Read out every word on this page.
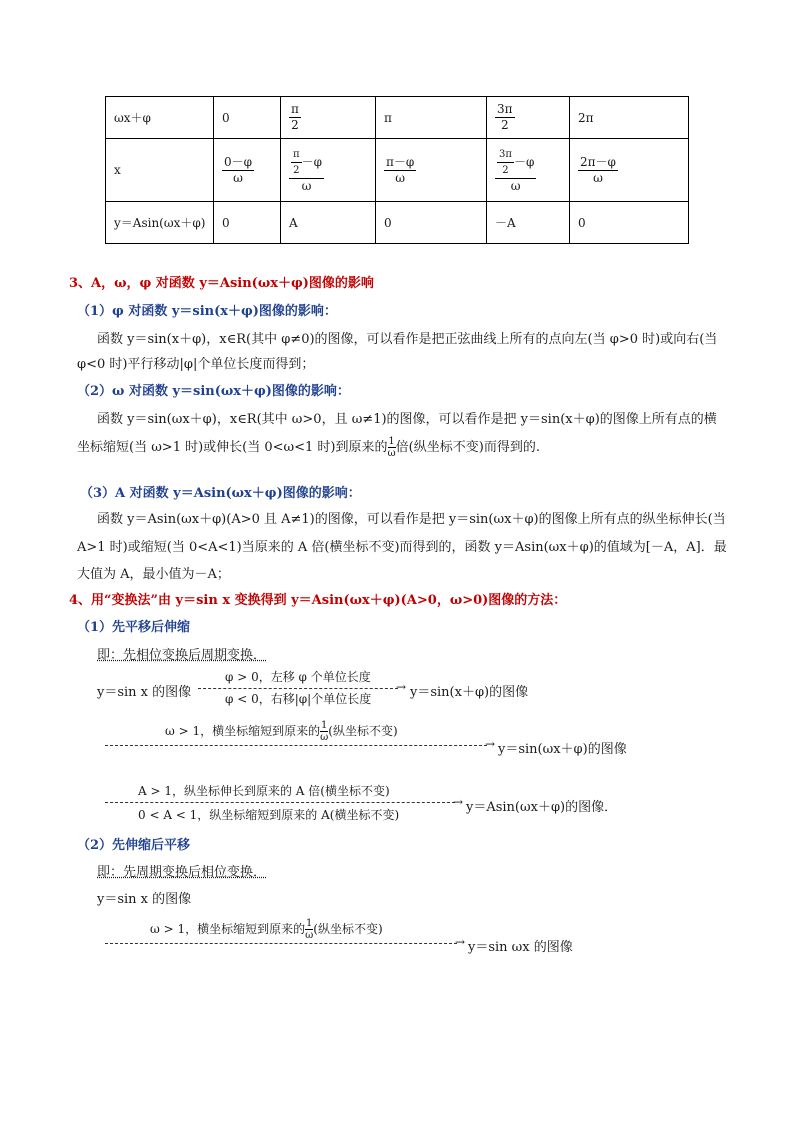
ωx＋φ	0	$\frac{\pi}{2}$	π	$\frac{3\pi}{2}$	2π
x	$\frac{0-\varphi}{\omega}$	$\frac{\frac{\pi}{2} -\varphi}{\omega}$	$\frac{\pi-\varphi}{\omega}$	$\frac{\frac{3\pi}{2} -\varphi}{\omega}$	$\frac{2\pi-\varphi}{\omega}$

y＝Asin(ωx＋φ)	0	A	0	－A	0
3、A，ω，φ 对函数 y＝Asin(ωx＋φ)图像的影响
（1）φ 对函数 y＝sin(x＋φ)图像的影响：
函数 y＝sin(x＋φ)，x∈R(其中 φ≠0)的图像，可以看作是把正弦曲线上所有的点向左(当 φ>0 时)或向右(当
φ<0 时)平行移动|φ|个单位长度而得到；
（2）ω 对函数 y＝sin(ωx＋φ)图像的影响：
函数 y＝sin(ωx＋φ)，x∈R(其中 ω>0，且 ω≠1)的图像，可以看作是把 y＝sin(x＋φ)的图像上所有点的横
坐标缩短(当 ω>1 时)或伸长(当 0<ω<1 时)到原来的 $\frac{1}{\omega}$ 倍(纵坐标不变)而得到的.
（3）A 对函数 y＝Asin(ωx＋φ)图像的影响：
函数 y＝Asin(ωx＋φ)(A>0 且 A≠1)的图像，可以看作是把 y＝sin(ωx＋φ)的图像上所有点的纵坐标伸长(当
A>1 时)或缩短(当 0<A<1)当原来的 A 倍(横坐标不变)而得到的，函数 y＝Asin(ωx＋φ)的值域为[－A，A]．最
大值为 A，最小值为－A；
4、用“变换法”由 y＝sin x 变换得到 y＝Asin(ωx＋φ)(A>0，ω>0)图像的方法：
（1）先平移后伸缩
即：先相位变换后周期变换．
y＝sin x 的图像
φ > 0，左移 φ 个单位长度
φ < 0，右移|φ|个单位长度
→ y＝sin(x＋φ)的图像
ω > 1，横坐标缩短到原来的 $\frac{1}{\omega}$ (纵坐标不变)
→ y＝sin(ωx＋φ)的图像
A > 1，纵坐标伸长到原来的 A 倍(横坐标不变)
0 < A < 1，纵坐标缩短到原来的 A(横坐标不变)
→ y＝Asin(ωx＋φ)的图像．
（2）先伸缩后平移
即：先周期变换后相位变换．
y＝sin x 的图像
ω > 1，横坐标缩短到原来的 $\frac{1}{\omega}$ (纵坐标不变)
→ y＝sin ωx 的图像
